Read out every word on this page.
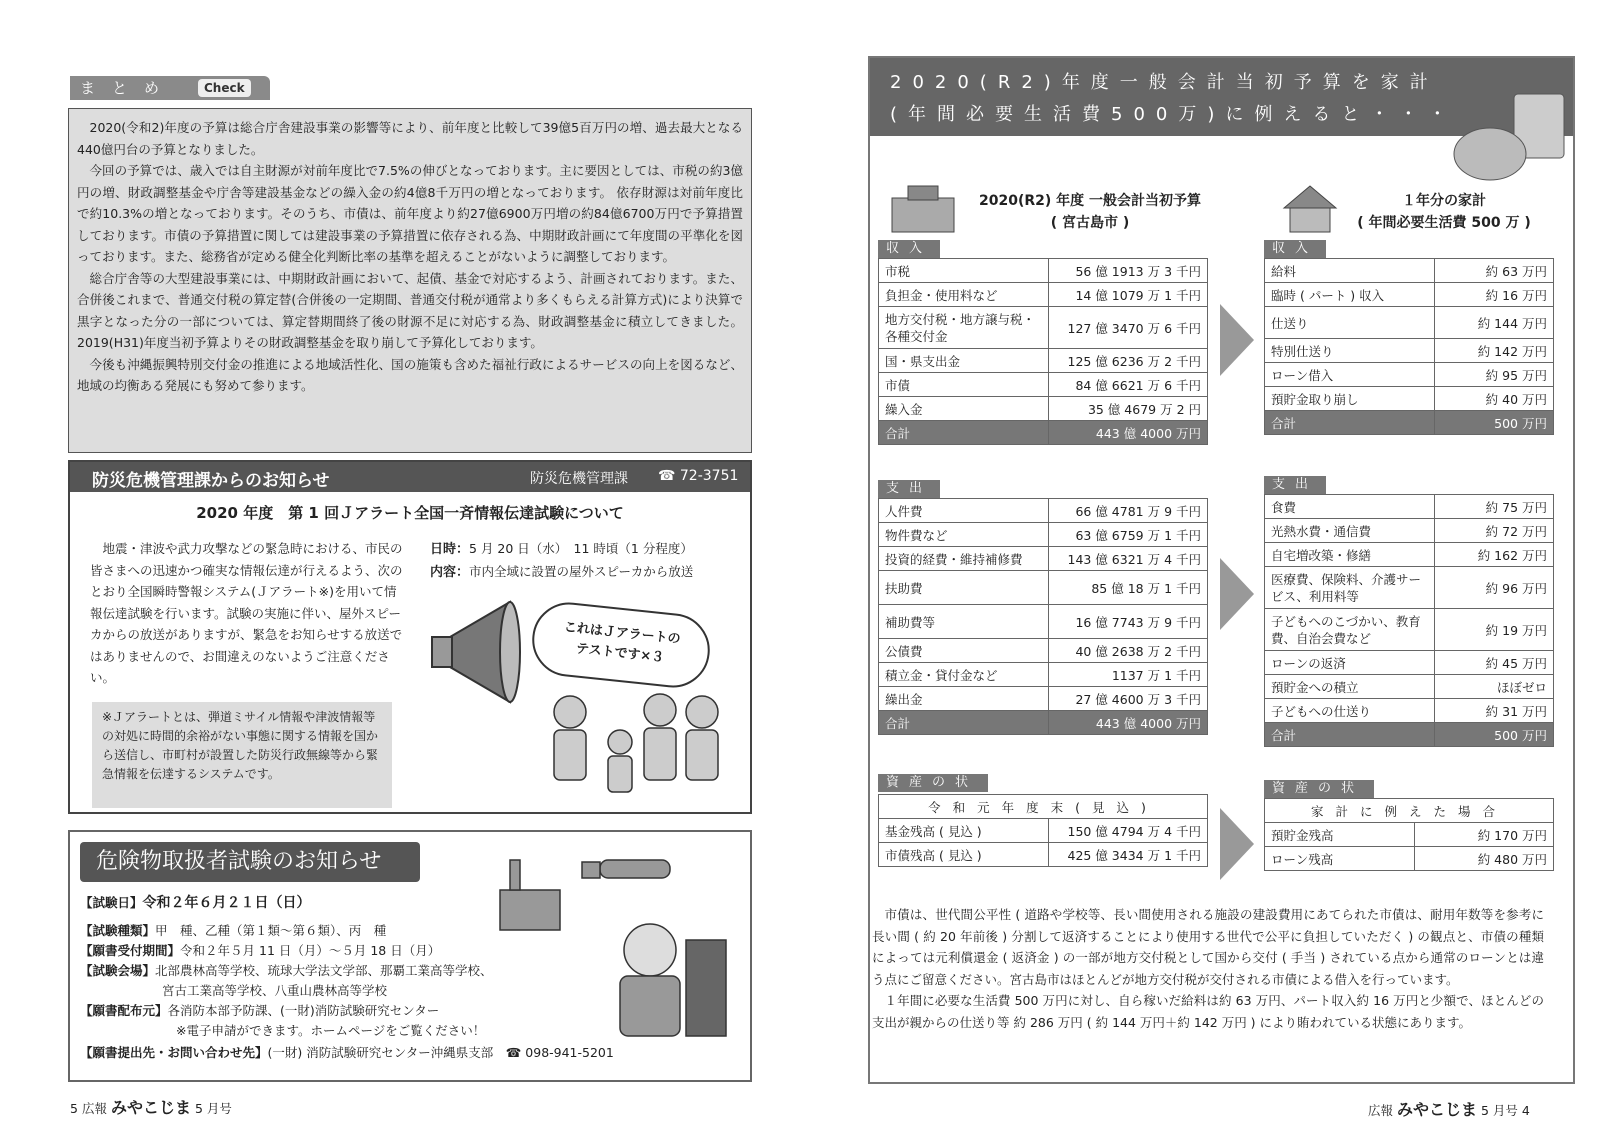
まとめ	Check

2020(令和2)年度の予算は総合庁舎建設事業の影響等により、前年度と比較して39億5百万円の増、過去最大となる440億円台の予算となりました。

今回の予算では、歳入では自主財源が対前年度比で7.5%の伸びとなっております。主に要因としては、市税の約3億円の増、財政調整基金や庁舎等建設基金などの繰入金の約4億8千万円の増となっております。 依存財源は対前年度比で約10.3%の増となっております。そのうち、市債は、前年度より約27億6900万円増の約84億6700万円で予算措置しております。市債の予算措置に関しては建設事業の予算措置に依存される為、中期財政計画にて年度間の平準化を図っております。また、総務省が定める健全化判断比率の基準を超えることがないように調整しております。

総合庁舎等の大型建設事業には、中期財政計画において、起債、基金で対応するよう、計画されております。また、合併後これまで、普通交付税の算定替(合併後の一定期間、普通交付税が通常より多くもらえる計算方式)により決算で黒字となった分の一部については、算定替期間終了後の財源不足に対応する為、財政調整基金に積立してきました。 2019(H31)年度当初予算よりその財政調整基金を取り崩して予算化しております。

今後も沖縄振興特別交付金の推進による地域活性化、国の施策も含めた福祉行政によるサービスの向上を図るなど、地域の均衡ある発展にも努めて参ります。

防災危機管理課からのお知らせ	防災危機管理課 ☎ 72-3751
2020 年度　第 1 回Ｊアラート全国一斉情報伝達試験について

地震・津波や武力攻撃などの緊急時における、市民の皆さまへの迅速かつ確実な情報伝達が行えるよう、次のとおり全国瞬時警報システム(Ｊアラート※)を用いて情報伝達試験を行います。試験の実施に伴い、屋外スピーカからの放送がありますが、緊急をお知らせする放送ではありませんので、お間違えのないようご注意ください。

日時：5 月 20 日（水）　11 時頃（1 分程度）
内容：市内全域に設置の屋外スピーカから放送
※Ｊアラートとは、弾道ミサイル情報や津波情報等の対処に時間的余裕がない事態に関する情報を国から送信し、市町村が設置した防災行政無線等から緊急情報を伝達するシステムです。
これはＪアラートの
テストです×３
危険物取扱者試験のお知らせ
【試験日】令和２年６月２１日（日）
【試験種類】甲　種、乙種（第１類～第６類）、丙　種
【願書受付期間】令和２年５月 11 日（月）～５月 18 日（月）
【試験会場】北部農林高等学校、琉球大学法文学部、那覇工業高等学校、
宮古工業高等学校、八重山農林高等学校
【願書配布元】各消防本部予防課、(一財)消防試験研究センター
※電子申請ができます。ホームページをご覧ください！
【願書提出先・お問い合わせ先】(一財) 消防試験研究センター沖縄県支部　☎ 098-941-5201
5 広報 みやこじま 5 月号
2020(R2)年度一般会計当初予算を家計
(年間必要生活費500万)に例えると・・・
2020(R2) 年度 一般会計当初予算
( 宮古島市 )
１年分の家計
( 年間必要生活費 500 万 )
収入
市税	56 億 1913 万 3 千円
負担金・使用料など	14 億 1079 万 1 千円
地方交付税・地方譲与税・各種交付金	127 億 3470 万 6 千円
国・県支出金	125 億 6236 万 2 千円
市債	84 億 6621 万 6 千円
繰入金	35 億 4679 万 2 円
合計	443 億 4000 万円
収入
給料	約 63 万円
臨時 ( パート ) 収入	約 16 万円
仕送り	約 144 万円
特別仕送り	約 142 万円
ローン借入	約 95 万円
預貯金取り崩し	約 40 万円
合計	500 万円
支出
人件費	66 億 4781 万 9 千円
物件費など	63 億 6759 万 1 千円
投資的経費・維持補修費	143 億 6321 万 4 千円
扶助費	85 億 18 万 1 千円
補助費等	16 億 7743 万 9 千円
公債費	40 億 2638 万 2 千円
積立金・貸付金など	1137 万 1 千円
繰出金	27 億 4600 万 3 千円
合計	443 億 4000 万円
支出
食費	約 75 万円
光熱水費・通信費	約 72 万円
自宅増改築・修繕	約 162 万円
医療費、保険料、介護サービス、利用料等	約 96 万円
子どもへのこづかい、教育費、自治会費など	約 19 万円
ローンの返済	約 45 万円
預貯金への積立	ほぼゼロ
子どもへの仕送り	約 31 万円
合計	500 万円
資産の状況	令和元年度末(見込)	
基金残高 ( 見込 )	150 億 4794 万 4 千円
市債残高 ( 見込 )	425 億 3434 万 1 千円
資産の状況	家計に例えた場合	
預貯金残高	約 170 万円
ローン残高	約 480 万円

市債は、世代間公平性 ( 道路や学校等、長い間使用される施設の建設費用にあてられた市債は、耐用年数等を参考に長い間 ( 約 20 年前後 ) 分割して返済することにより使用する世代で公平に負担していただく ) の観点と、市債の種類によっては元利償還金 ( 返済金 ) の一部が地方交付税として国から交付 ( 手当 ) されている点から通常のローンとは違う点にご留意ください。宮古島市はほとんどが地方交付税が交付される市債による借入を行っています。

１年間に必要な生活費 500 万円に対し、自ら稼いだ給料は約 63 万円、パート収入約 16 万円と少額で、ほとんどの支出が親からの仕送り等 約 286 万円 ( 約 144 万円＋約 142 万円 ) により賄われている状態にあります。

広報 みやこじま 5 月号 4
